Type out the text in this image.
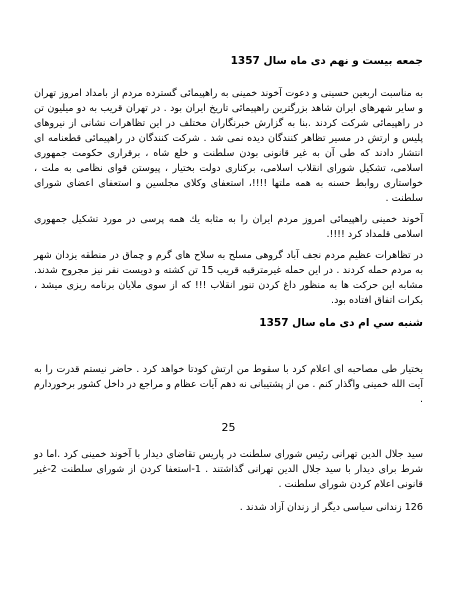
جمعه بيست و نهم دی ماه سال 1357

به مناسبت اربعين حسينی و دعوت آخوند خمينی به راهپيمائی گسترده مردم از بامداد امروز تهران و ساير شهرهای ايران شاهد بزرگترين راهپيمائی تاريخ ايران بود . در تهران قريب به دو ميليون تن در راهپيمائی شركت كردند .بنا به گزارش خبرنگاران مختلف در اين تظاهرات نشانی از نيروهای پليس و ارتش در مسير تظاهر كنندگان ديده نمی شد . شركت كنندگان در راهپيمائی قطعنامه ای انتشار دادند كه طی آن به غير قانونی بودن سلطنت و خلع شاه ، برقراری حكومت جمهوری اسلامی، تشكيل شورای انقلاب اسلامی، بركناری دولت بختيار ، پيوستن قوای نظامی به ملت ، خواستاری روابط حسنه به همه ملتها !!!!، استعفای وكلای مجلسين و استعفای اعضای شورای سلطنت .

آخوند خمينی راهپيمائی امروز مردم ايران را به مثابه يك همه پرسی در مورد تشكيل جمهوری اسلامی قلمداد كرد !!!!.

در تظاهرات عظيم مردم نجف آباد گروهی مسلح به سلاح های گرم و چماق در منطقه يزدان شهر به مردم حمله كردند . در اين حمله غيرمترقبه قريب 15 تن كشته و دويست نفر نيز مجروح شدند. مشابه اين حركت ها به منظور داغ كردن تنور انقلاب !!! كه از سوی ملايان برنامه ريزی ميشد ، بكرات اتفاق افتاده بود.

شنبه سي ام دی ماه سال 1357

بختيار طی مصاحبه ای اعلام كرد با سقوط من ارتش كودتا خواهد كرد . حاضر نيستم قدرت را به آيت الله خمينی واگذار كنم . من از پشتيبانی نه دهم آيات عظام و مراجع در داخل كشور برخوردارم .

25

سيد جلال الدين تهرانی رئيس شورای سلطنت در پاريس تقاضای ديدار با آخوند خمينی كرد .اما دو شرط برای ديدار با سيد جلال الدين تهرانی گذاشتند . 1-استعفا كردن از شورای سلطنت 2-غير قانونی اعلام كردن شورای سلطنت .

126 زندانی سياسی ديگر از زندان آزاد شدند .
